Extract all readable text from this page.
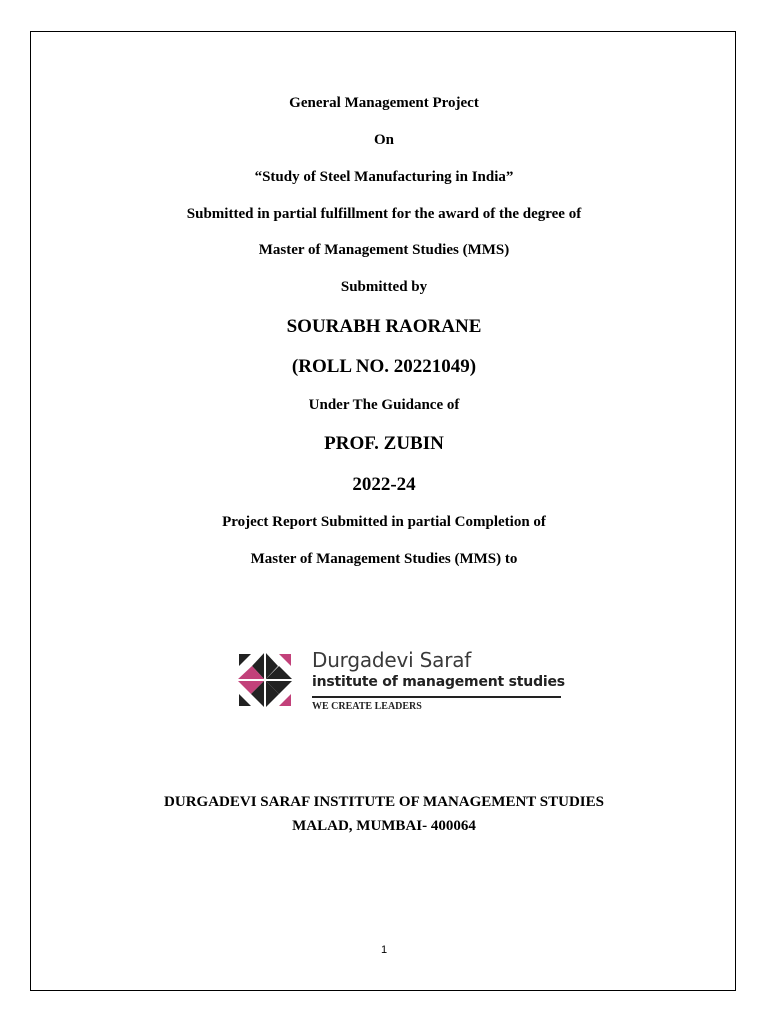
General Management Project
On
“Study of Steel Manufacturing in India”
Submitted in partial fulfillment for the award of the degree of
Master of Management Studies (MMS)
Submitted by
SOURABH RAORANE
(ROLL NO. 20221049)
Under The Guidance of
PROF. ZUBIN
2022-24
Project Report Submitted in partial Completion of
Master of Management Studies (MMS) to
Durgadevi Saraf
institute of management studies
WE CREATE LEADERS
DURGADEVI SARAF INSTITUTE OF MANAGEMENT STUDIES
MALAD, MUMBAI- 400064
1
